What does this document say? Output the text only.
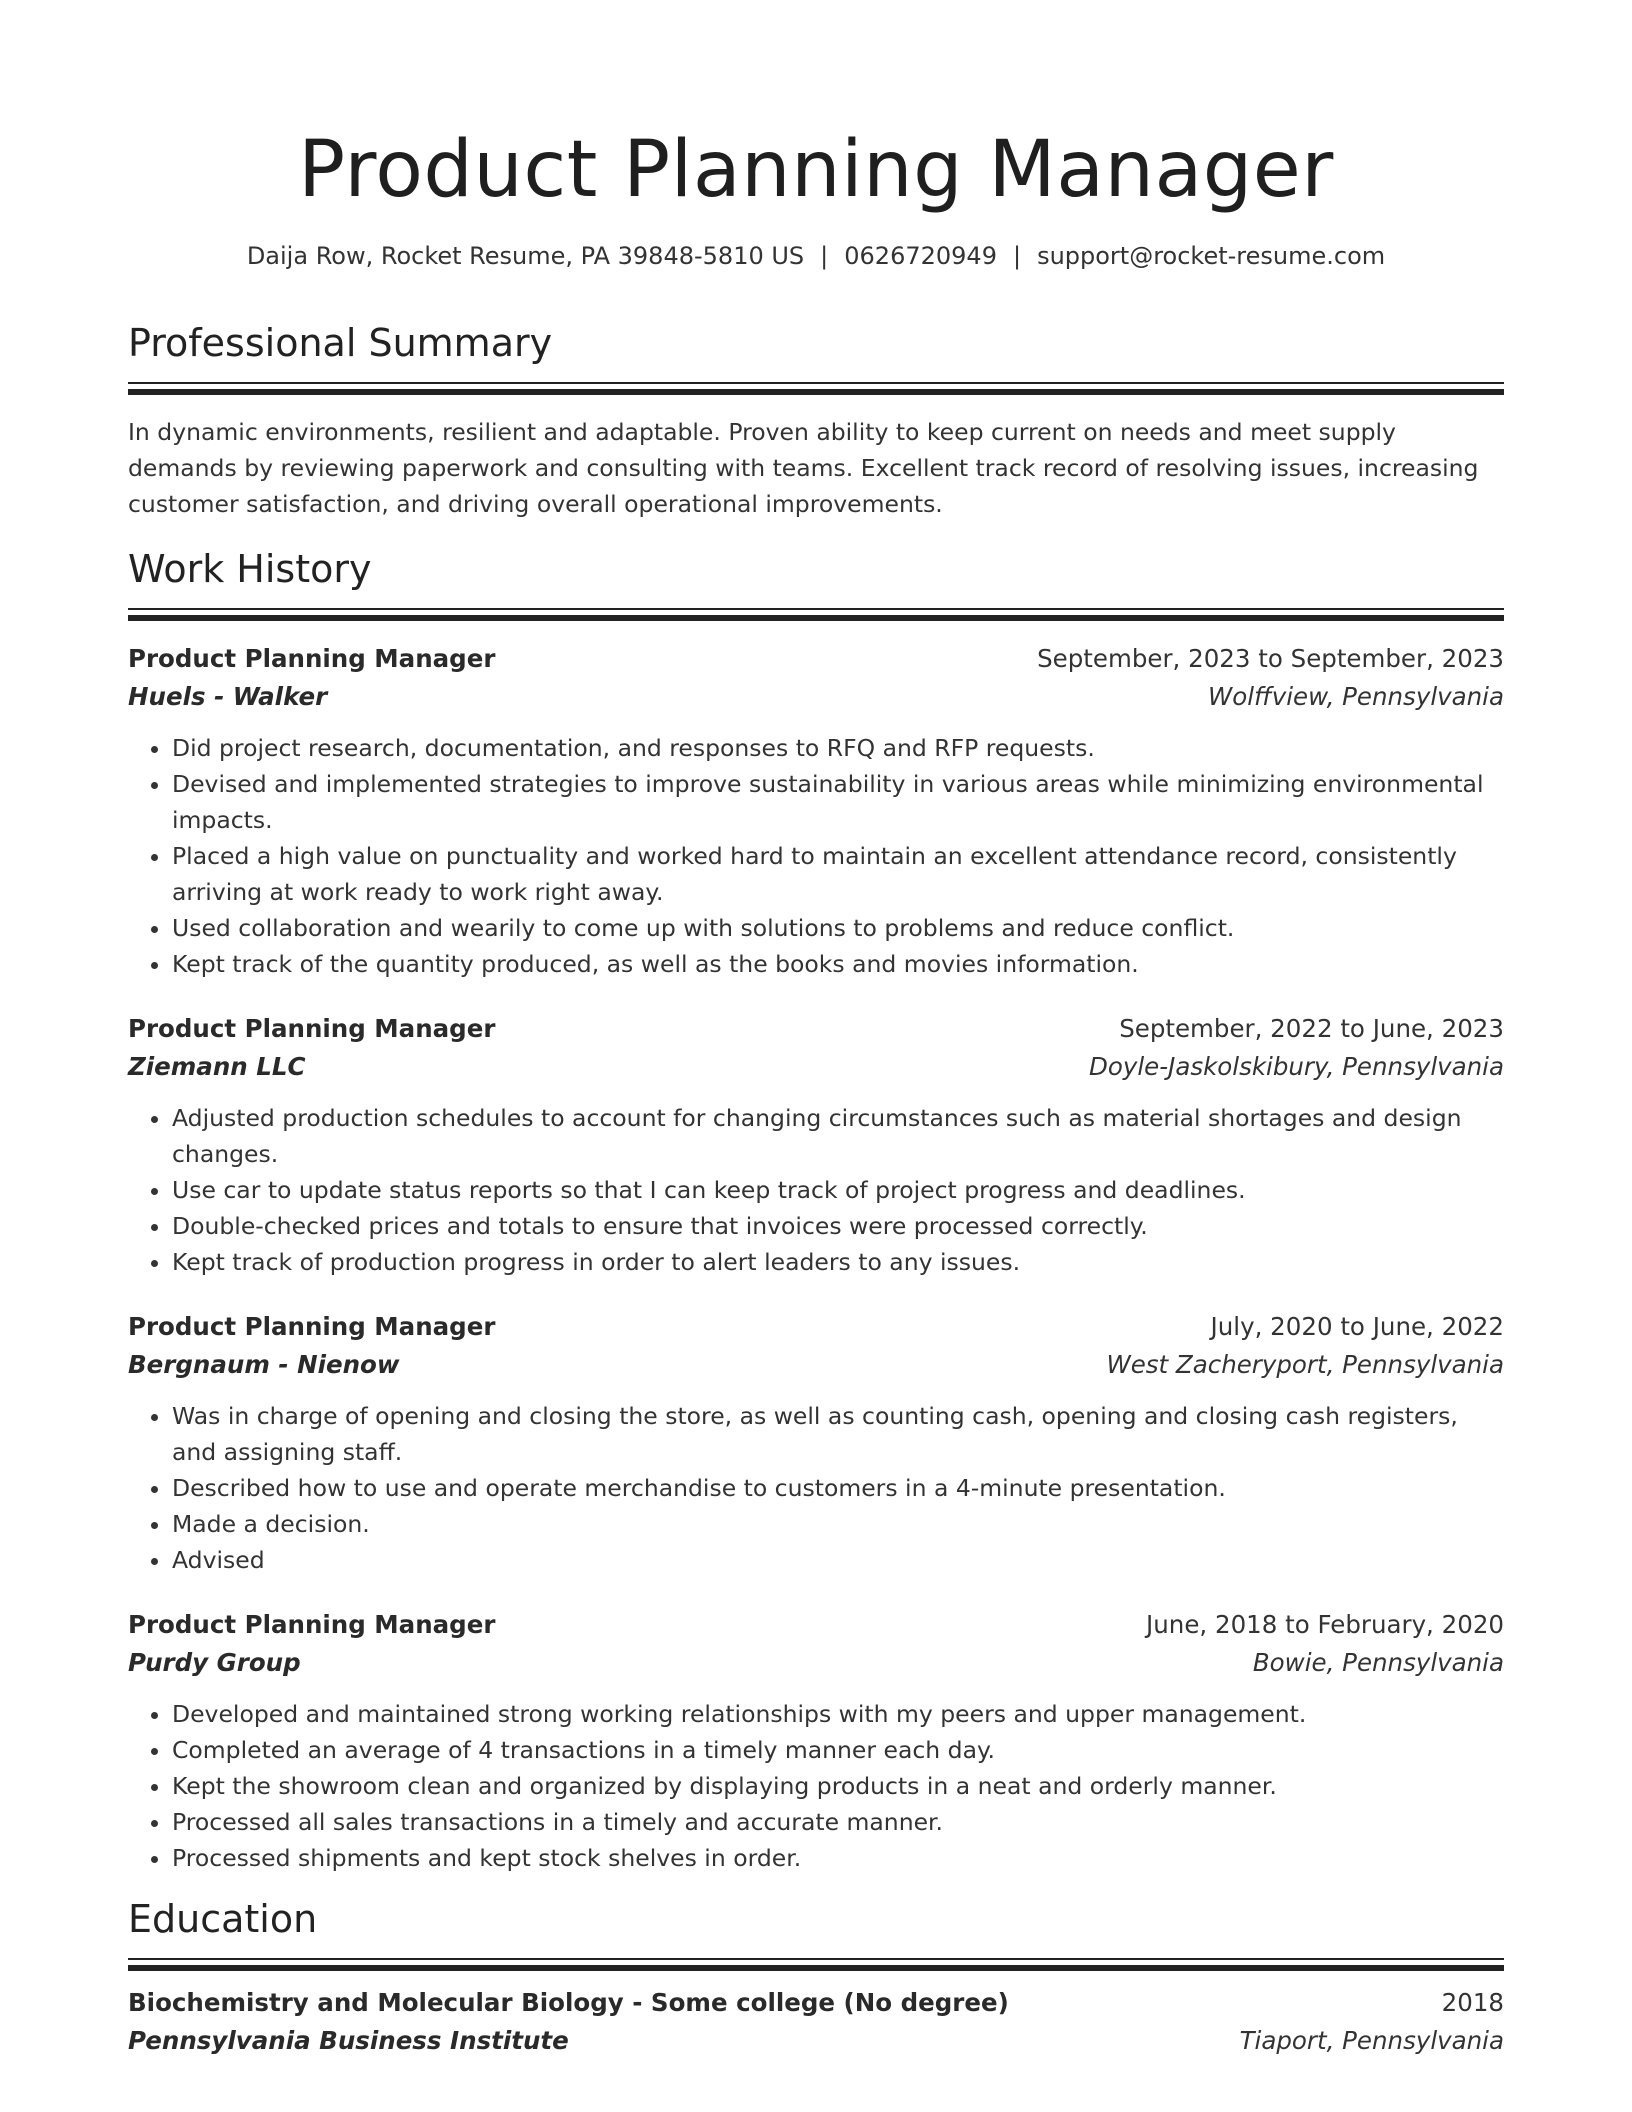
Product Planning Manager
Daija Row, Rocket Resume, PA 39848-5810 US | 0626720949 | support@rocket-resume.com
Professional Summary

In dynamic environments, resilient and adaptable. Proven ability to keep current on needs and meet supply demands by reviewing paperwork and consulting with teams. Excellent track record of resolving issues, increasing customer satisfaction, and driving overall operational improvements.

Work History
Product Planning Manager	September, 2023 to September, 2023
Huels - Walker	Wolffview, Pennsylvania
• Did project research, documentation, and responses to RFQ and RFP requests.
• Devised and implemented strategies to improve sustainability in various areas while minimizing environmental impacts.
• Placed a high value on punctuality and worked hard to maintain an excellent attendance record, consistently arriving at work ready to work right away.
• Used collaboration and wearily to come up with solutions to problems and reduce conflict.
• Kept track of the quantity produced, as well as the books and movies information.
Product Planning Manager	September, 2022 to June, 2023
Ziemann LLC	Doyle-Jaskolskibury, Pennsylvania
• Adjusted production schedules to account for changing circumstances such as material shortages and design changes.
• Use car to update status reports so that I can keep track of project progress and deadlines.
• Double-checked prices and totals to ensure that invoices were processed correctly.
• Kept track of production progress in order to alert leaders to any issues.
Product Planning Manager	July, 2020 to June, 2022
Bergnaum - Nienow	West Zacheryport, Pennsylvania
• Was in charge of opening and closing the store, as well as counting cash, opening and closing cash registers, and assigning staff.
• Described how to use and operate merchandise to customers in a 4-minute presentation.
• Made a decision.
• Advised
Product Planning Manager	June, 2018 to February, 2020
Purdy Group	Bowie, Pennsylvania
• Developed and maintained strong working relationships with my peers and upper management.
• Completed an average of 4 transactions in a timely manner each day.
• Kept the showroom clean and organized by displaying products in a neat and orderly manner.
• Processed all sales transactions in a timely and accurate manner.
• Processed shipments and kept stock shelves in order.
Education
Biochemistry and Molecular Biology - Some college (No degree)	2018
Pennsylvania Business Institute	Tiaport, Pennsylvania
